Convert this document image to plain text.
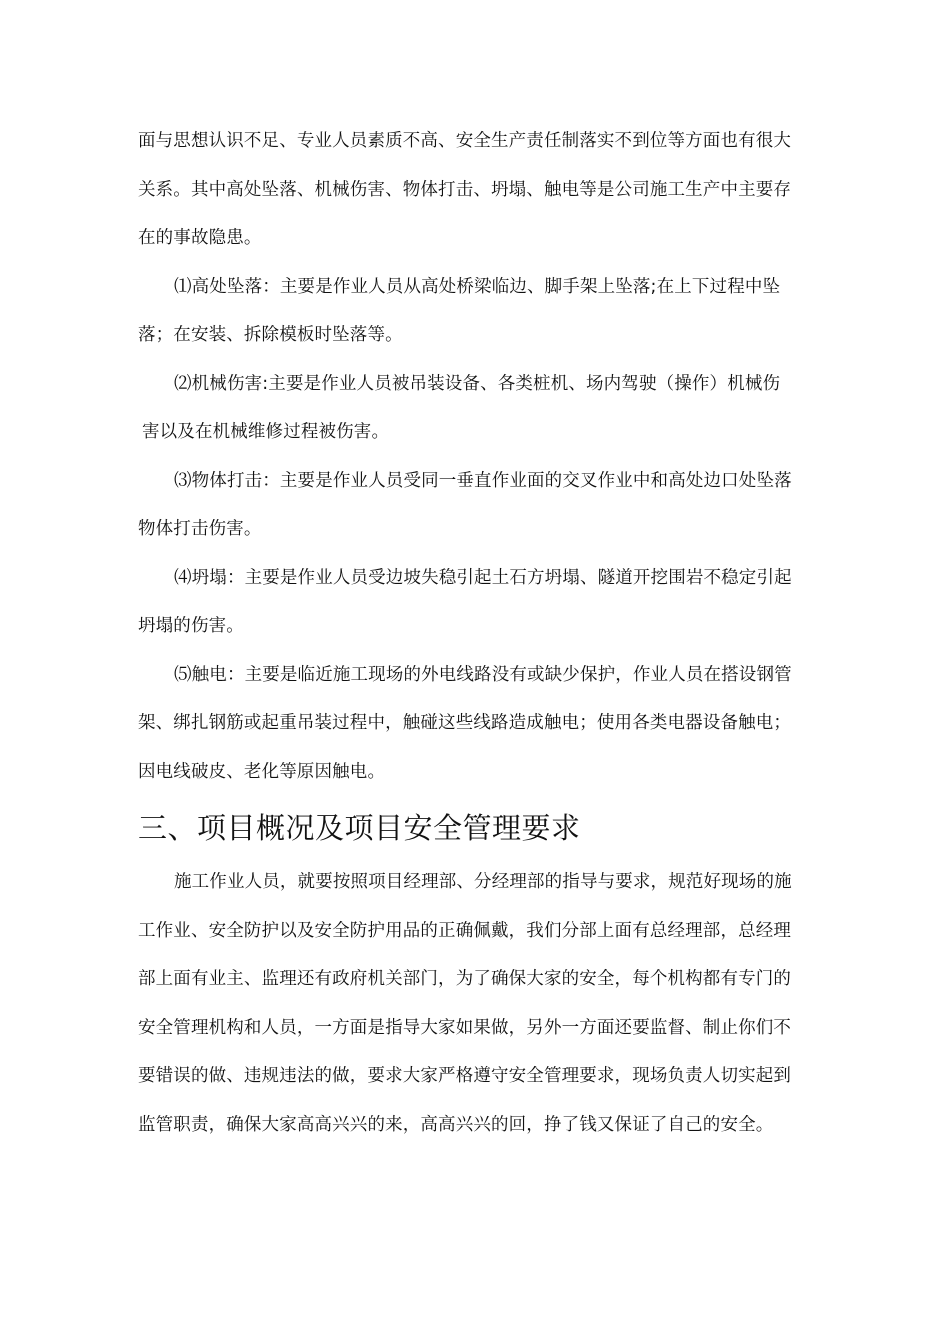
面与思想认识不足、专业人员素质不高、安全生产责任制落实不到位等方面也有很大
关系。其中高处坠落、机械伤害、物体打击、坍塌、触电等是公司施工生产中主要存
在的事故隐患。
⑴高处坠落：主要是作业人员从高处桥梁临边、脚手架上坠落;在上下过程中坠
落；在安装、拆除模板时坠落等。
⑵机械伤害:主要是作业人员被吊装设备、各类桩机、场内驾驶（操作）机械伤
害以及在机械维修过程被伤害。
⑶物体打击：主要是作业人员受同一垂直作业面的交叉作业中和高处边口处坠落
物体打击伤害。
⑷坍塌：主要是作业人员受边坡失稳引起土石方坍塌、隧道开挖围岩不稳定引起
坍塌的伤害。
⑸触电：主要是临近施工现场的外电线路没有或缺少保护，作业人员在搭设钢管
架、绑扎钢筋或起重吊装过程中，触碰这些线路造成触电；使用各类电器设备触电；
因电线破皮、老化等原因触电。
三、项目概况及项目安全管理要求
施工作业人员，就要按照项目经理部、分经理部的指导与要求，规范好现场的施
工作业、安全防护以及安全防护用品的正确佩戴，我们分部上面有总经理部，总经理
部上面有业主、监理还有政府机关部门，为了确保大家的安全，每个机构都有专门的
安全管理机构和人员，一方面是指导大家如果做，另外一方面还要监督、制止你们不
要错误的做、违规违法的做，要求大家严格遵守安全管理要求，现场负责人切实起到
监管职责，确保大家高高兴兴的来，高高兴兴的回，挣了钱又保证了自己的安全。
